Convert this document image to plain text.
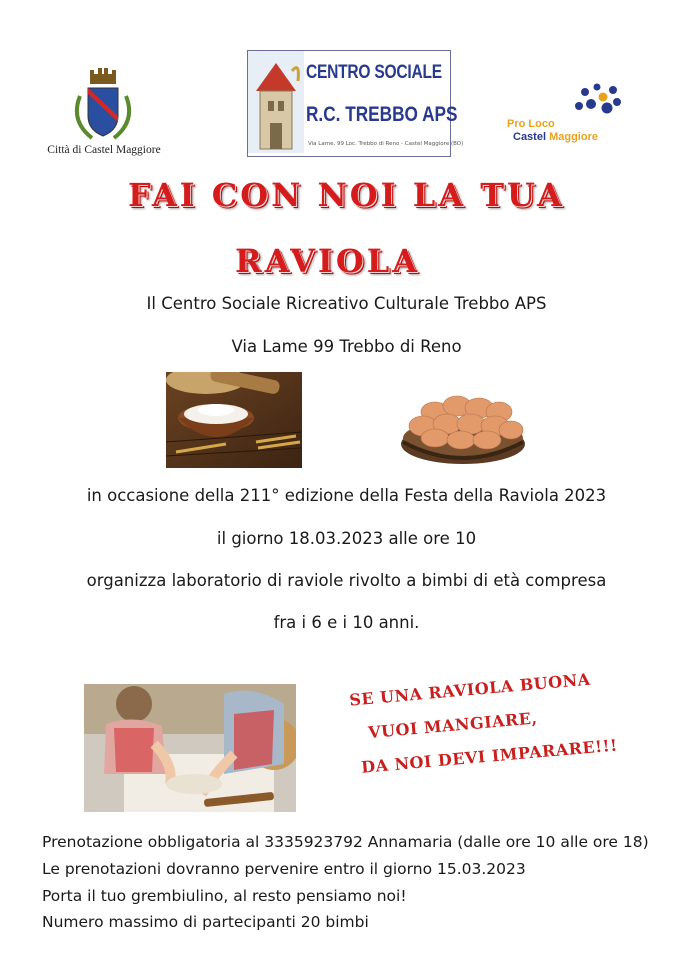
Città di Castel Maggiore
CENTRO SOCIALE
R.C. TREBBO APS
Via Lame, 99 Loc. Trebbo di Reno - Castel Maggiore (BO)
Pro Loco
Castel Maggiore
FAI CON NOI LA TUA
RAVIOLA
Il Centro Sociale Ricreativo Culturale Trebbo APS
Via Lame 99 Trebbo di Reno
in occasione della 211° edizione della Festa della Raviola 2023
il giorno 18.03.2023 alle ore 10
organizza laboratorio di raviole rivolto a bimbi di età compresa
fra i 6 e i 10 anni.
SE UNA RAVIOLA BUONA
VUOI MANGIARE,
DA NOI DEVI IMPARARE!!!
Prenotazione obbligatoria al 3335923792 Annamaria (dalle ore 10 alle ore 18)
Le prenotazioni dovranno pervenire entro il giorno 15.03.2023
Porta il tuo grembiulino, al resto pensiamo noi!
Numero massimo di partecipanti 20 bimbi
